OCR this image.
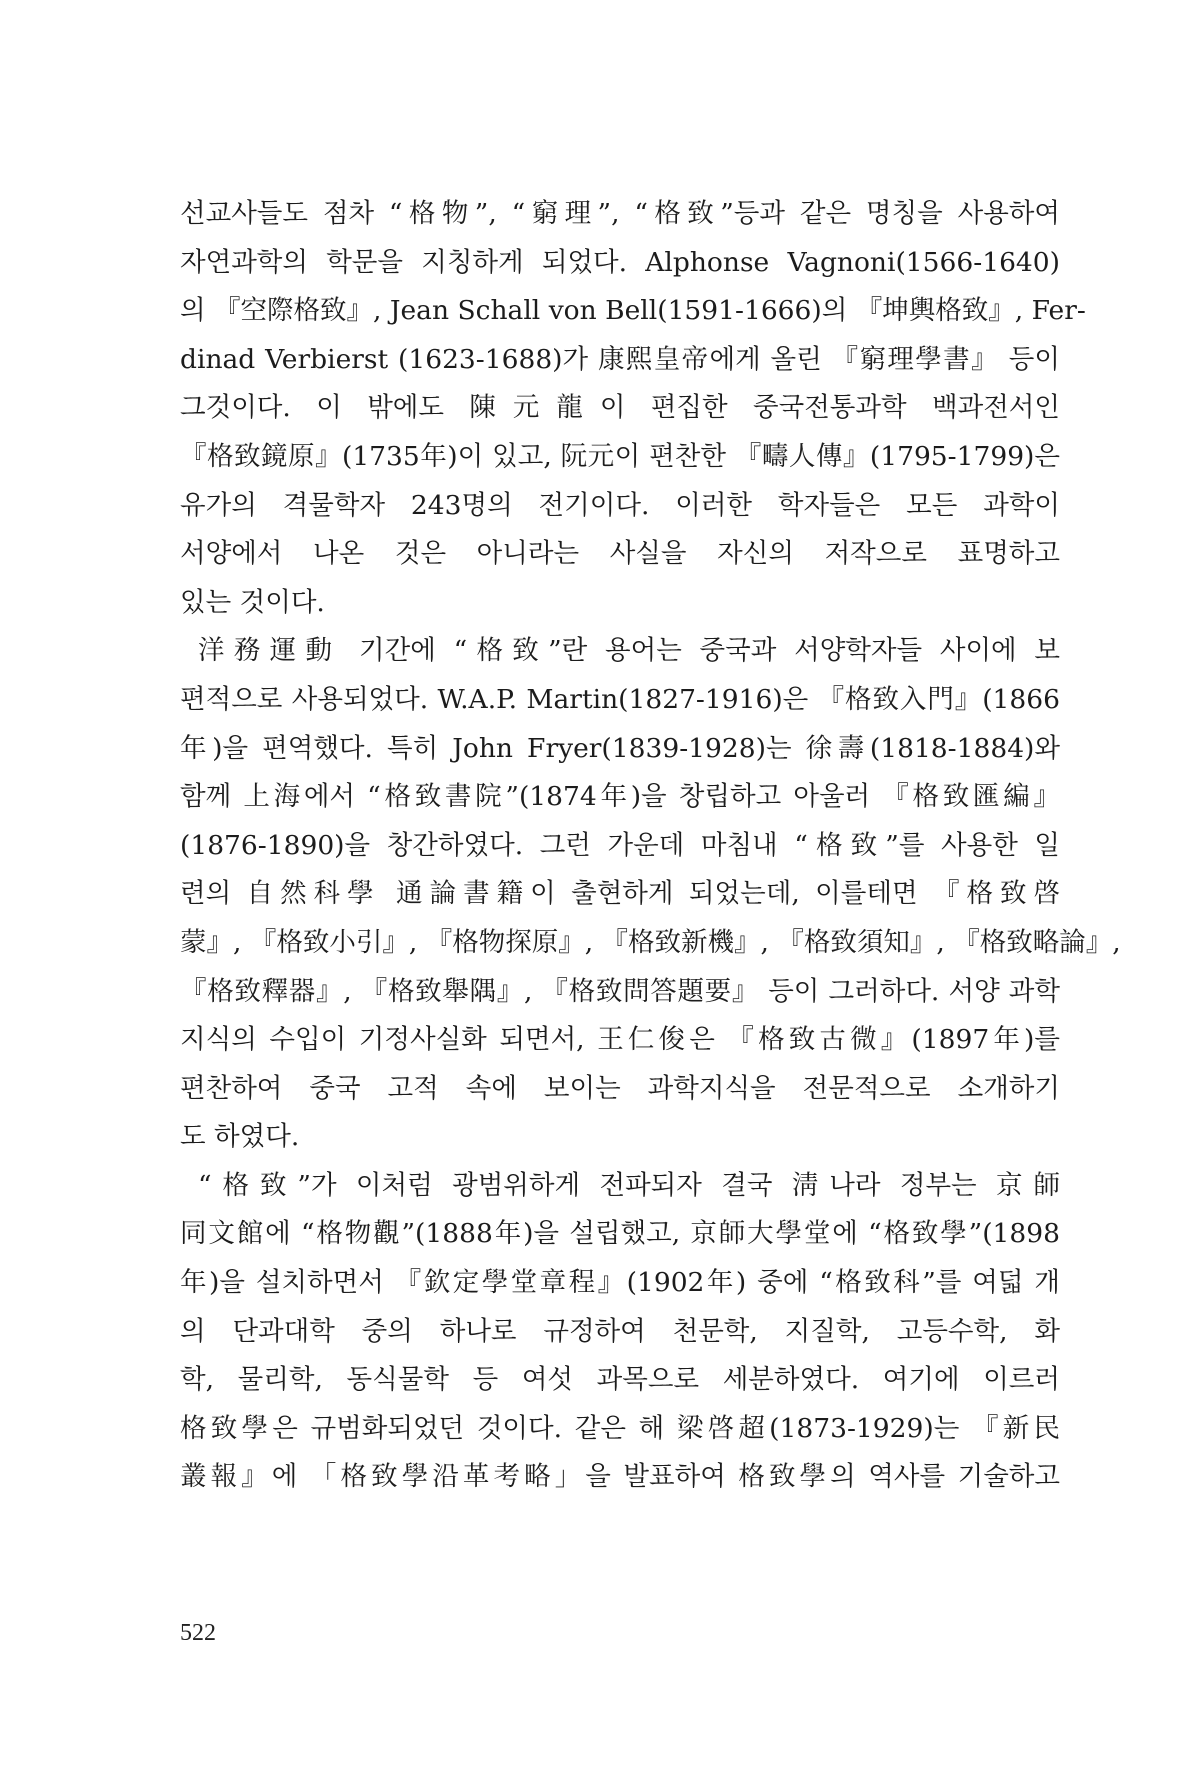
선교사들도 점차 “格物”, “窮理”, “格致”등과 같은 명칭을 사용하여
자연과학의 학문을 지칭하게 되었다. Alphonse Vagnoni(1566-1640)
의 『空際格致』, Jean Schall von Bell(1591-1666)의 『坤輿格致』, Fer-
dinad Verbierst (1623-1688)가 康熙皇帝에게 올린 『窮理學書』 등이
그것이다. 이 밖에도 陳元龍이 편집한 중국전통과학 백과전서인
『格致鏡原』(1735年)이 있고, 阮元이 편찬한 『疇人傳』(1795-1799)은
유가의 격물학자 243명의 전기이다. 이러한 학자들은 모든 과학이
서양에서 나온 것은 아니라는 사실을 자신의 저작으로 표명하고
있는 것이다.
洋務運動 기간에 “格致”란 용어는 중국과 서양학자들 사이에 보
편적으로 사용되었다. W.A.P. Martin(1827-1916)은 『格致入門』(1866
年)을 편역했다. 특히 John Fryer(1839-1928)는 徐壽(1818-1884)와
함께 上海에서 “格致書院”(1874年)을 창립하고 아울러 『格致匯編』
(1876-1890)을 창간하였다. 그런 가운데 마침내 “格致”를 사용한 일
련의 自然科學 通論書籍이 출현하게 되었는데, 이를테면 『格致啓
蒙』, 『格致小引』, 『格物探原』, 『格致新機』, 『格致須知』, 『格致略論』,
『格致釋器』, 『格致舉隅』, 『格致問答題要』 등이 그러하다. 서양 과학
지식의 수입이 기정사실화 되면서, 王仁俊은 『格致古微』(1897年)를
편찬하여 중국 고적 속에 보이는 과학지식을 전문적으로 소개하기
도 하였다.
“格致”가 이처럼 광범위하게 전파되자 결국 淸나라 정부는 京師
同文館에 “格物觀”(1888年)을 설립했고, 京師大學堂에 “格致學”(1898
年)을 설치하면서 『欽定學堂章程』(1902年) 중에 “格致科”를 여덟 개
의 단과대학 중의 하나로 규정하여 천문학, 지질학, 고등수학, 화
학, 물리학, 동식물학 등 여섯 과목으로 세분하였다. 여기에 이르러
格致學은 규범화되었던 것이다. 같은 해 梁啓超(1873-1929)는 『新民
叢報』에 「格致學沿革考略」을 발표하여 格致學의 역사를 기술하고
522
